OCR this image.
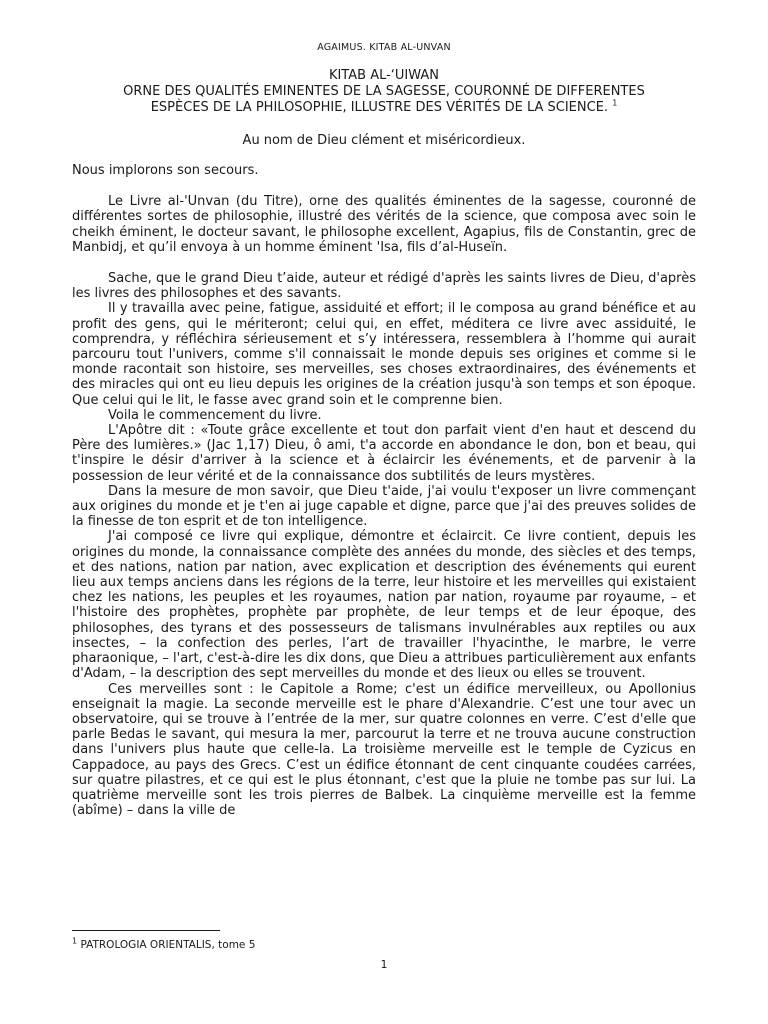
AGAIMUS. KITAB AL-UNVAN
KITAB AL-‘UIWAN
ORNE DES QUALITÉS EMINENTES DE LA SAGESSE, COURONNÉ DE DIFFERENTES
ESPÈCES DE LA PHILOSOPHIE, ILLUSTRE DES VÉRITÉS DE LA SCIENCE. $^1$
Au nom de Dieu clément et miséricordieux.

Nous implorons son secours.

Le Livre al-'Unvan (du Titre), orne des qualités éminentes de la sagesse, couronné de différentes sortes de philosophie, illustré des vérités de la science, que composa avec soin le cheikh éminent, le docteur savant, le philosophe excellent, Agapius, fils de Constantin, grec de Manbidj, et qu’il envoya à un homme éminent 'Isa, fils d’al-Huseïn.

Sache, que le grand Dieu t’aide, auteur et rédigé d'après les saints livres de Dieu, d'après les livres des philosophes et des savants.

Il y travailla avec peine, fatigue, assiduité et effort; il le composa au grand bénéfice et au profit des gens, qui le mériteront; celui qui, en effet, méditera ce livre avec assiduité, le comprendra, y réfléchira sérieusement et s’y intéressera, ressemblera à l’homme qui aurait parcouru tout l'univers, comme s'il connaissait le monde depuis ses origines et comme si le monde racontait son histoire, ses merveilles, ses choses extraordinaires, des événements et des miracles qui ont eu lieu depuis les origines de la création jusqu'à son temps et son époque. Que celui qui le lit, le fasse avec grand soin et le comprenne bien.

Voila le commencement du livre.

L'Apôtre dit : «Toute grâce excellente et tout don parfait vient d'en haut et descend du Père des lumières.» (Jac 1,17) Dieu, ô ami, t'a accorde en abondance le don, bon et beau, qui t'inspire le désir d'arriver à la science et à éclaircir les événements, et de parvenir à la possession de leur vérité et de la connaissance dos subtilités de leurs mystères.

Dans la mesure de mon savoir, que Dieu t'aide, j'ai voulu t'exposer un livre commençant aux origines du monde et je t'en ai juge capable et digne, parce que j'ai des preuves solides de la finesse de ton esprit et de ton intelligence.

J'ai composé ce livre qui explique, démontre et éclaircit. Ce livre contient, depuis les origines du monde, la connaissance complète des années du monde, des siècles et des temps, et des nations, nation par nation, avec explication et description des événements qui eurent lieu aux temps anciens dans les régions de la terre, leur histoire et les merveilles qui existaient chez les nations, les peuples et les royaumes, nation par nation, royaume par royaume, – et l'histoire des prophètes, prophète par prophète, de leur temps et de leur époque, des philosophes, des tyrans et des possesseurs de talismans invulnérables aux reptiles ou aux insectes, – la confection des perles, l’art de travailler l'hyacinthe, le marbre, le verre pharaonique, – l'art, c'est-à-dire les dix dons, que Dieu a attribues particulièrement aux enfants d'Adam, – la description des sept merveilles du monde et des lieux ou elles se trouvent.

Ces merveilles sont : le Capitole a Rome; c'est un édifice merveilleux, ou Apollonius enseignait la magie. La seconde merveille est le phare d'Alexandrie. C’est une tour avec un observatoire, qui se trouve à l’entrée de la mer, sur quatre colonnes en verre. C’est d'elle que parle Bedas le savant, qui mesura la mer, parcourut la terre et ne trouva aucune construction dans l'univers plus haute que celle-la. La troisième merveille est le temple de Cyzicus en Cappadoce, au pays des Grecs. C’est un édifice étonnant de cent cinquante coudées carrées, sur quatre pilastres, et ce qui est le plus étonnant, c'est que la pluie ne tombe pas sur lui. La quatrième merveille sont les trois pierres de Balbek. La cinquième merveille est la femme (abîme) – dans la ville de

$^1$ PATROLOGIA ORIENTALIS, tome 5
1
